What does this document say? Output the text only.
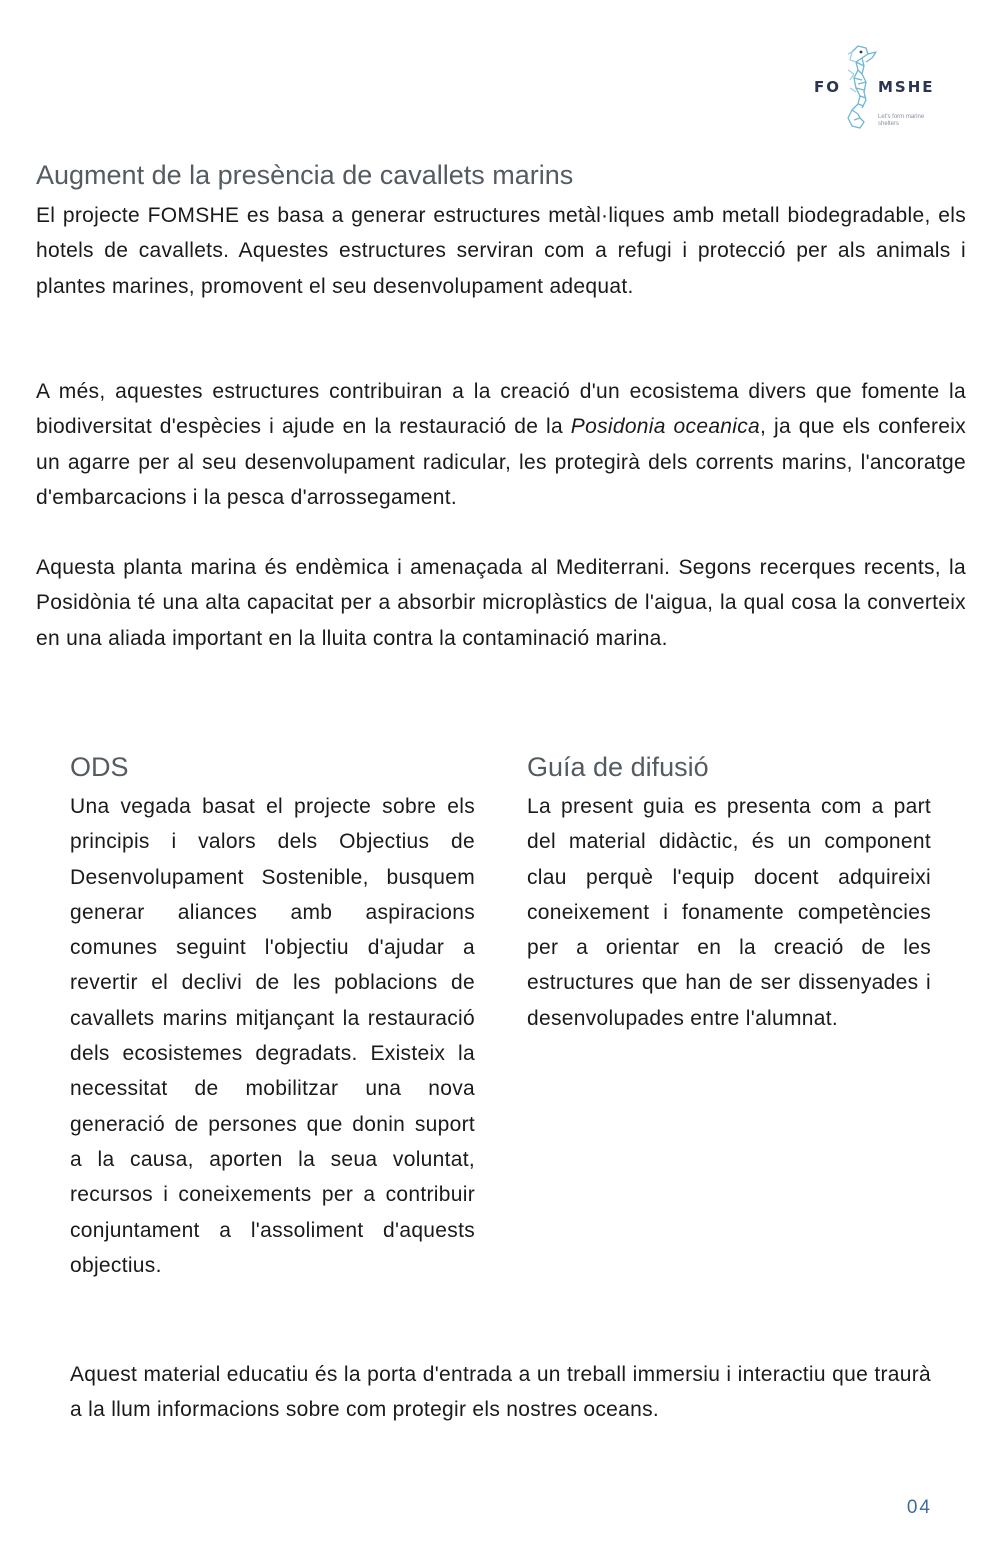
FO MSHE
Let's form marine shelters
Augment de la presència de cavallets marins

El projecte FOMSHE es basa a generar estructures metàl·liques amb metall biodegradable, els hotels de cavallets. Aquestes estructures serviran com a refugi i protecció per als animals i plantes marines, promovent el seu desenvolupament adequat.

A més, aquestes estructures contribuiran a la creació d'un ecosistema divers que fomente la biodiversitat d'espècies i ajude en la restauració de la Posidonia oceanica, ja que els confereix un agarre per al seu desenvolupament radicular, les protegirà dels corrents marins, l'ancoratge d'embarcacions i la pesca d'arrossegament.

Aquesta planta marina és endèmica i amenaçada al Mediterrani. Segons recerques recents, la Posidònia té una alta capacitat per a absorbir microplàstics de l'aigua, la qual cosa la converteix en una aliada important en la lluita contra la contaminació marina.

ODS

Una vegada basat el projecte sobre els principis i valors dels Objectius de Desenvolupament Sostenible, busquem generar aliances amb aspiracions comunes seguint l'objectiu d'ajudar a revertir el declivi de les poblacions de cavallets marins mitjançant la restauració dels ecosistemes degradats. Existeix la necessitat de mobilitzar una nova generació de persones que donin suport a la causa, aporten la seua voluntat, recursos i coneixements per a contribuir conjuntament a l'assoliment d'aquests objectius.

Guía de difusió

La present guia es presenta com a part del material didàctic, és un component clau perquè l'equip docent adquireixi coneixement i fonamente competències per a orientar en la creació de les estructures que han de ser dissenyades i desenvolupades entre l'alumnat.

Aquest material educatiu és la porta d'entrada a un treball immersiu i interactiu que traurà a la llum informacions sobre com protegir els nostres oceans.

04
